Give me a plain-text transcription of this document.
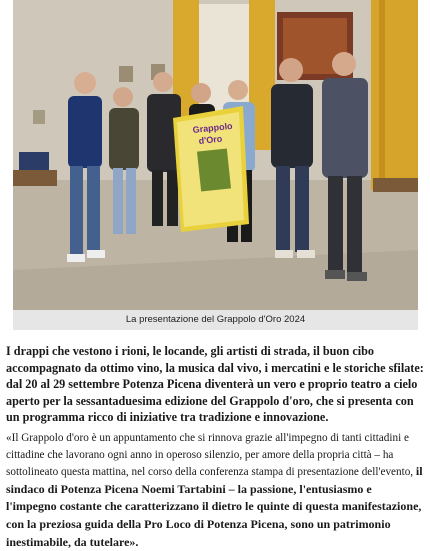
Grappolo
d'Oro
La presentazione del Grappolo d'Oro 2024

I drappi che vestono i rioni, le locande, gli artisti di strada, il buon cibo accompagnato da ottimo vino, la musica dal vivo, i mercatini e le storiche sfilate: dal 20 al 29 settembre Potenza Picena diventerà un vero e proprio teatro a cielo aperto per la sessantaduesima edizione del Grappolo d'oro, che si presenta con un programma ricco di iniziative tra tradizione e innovazione.

«Il Grappolo d'oro è un appuntamento che si rinnova grazie all'impegno di tanti cittadini e cittadine che lavorano ogni anno in operoso silenzio, per amore della propria città – ha sottolineato questa mattina, nel corso della conferenza stampa di presentazione dell'evento, il sindaco di Potenza Picena Noemi Tartabini – la passione, l'entusiasmo e l'impegno costante che caratterizzano il dietro le quinte di questa manifestazione, con la preziosa guida della Pro Loco di Potenza Picena, sono un patrimonio inestimabile, da tutelare».
